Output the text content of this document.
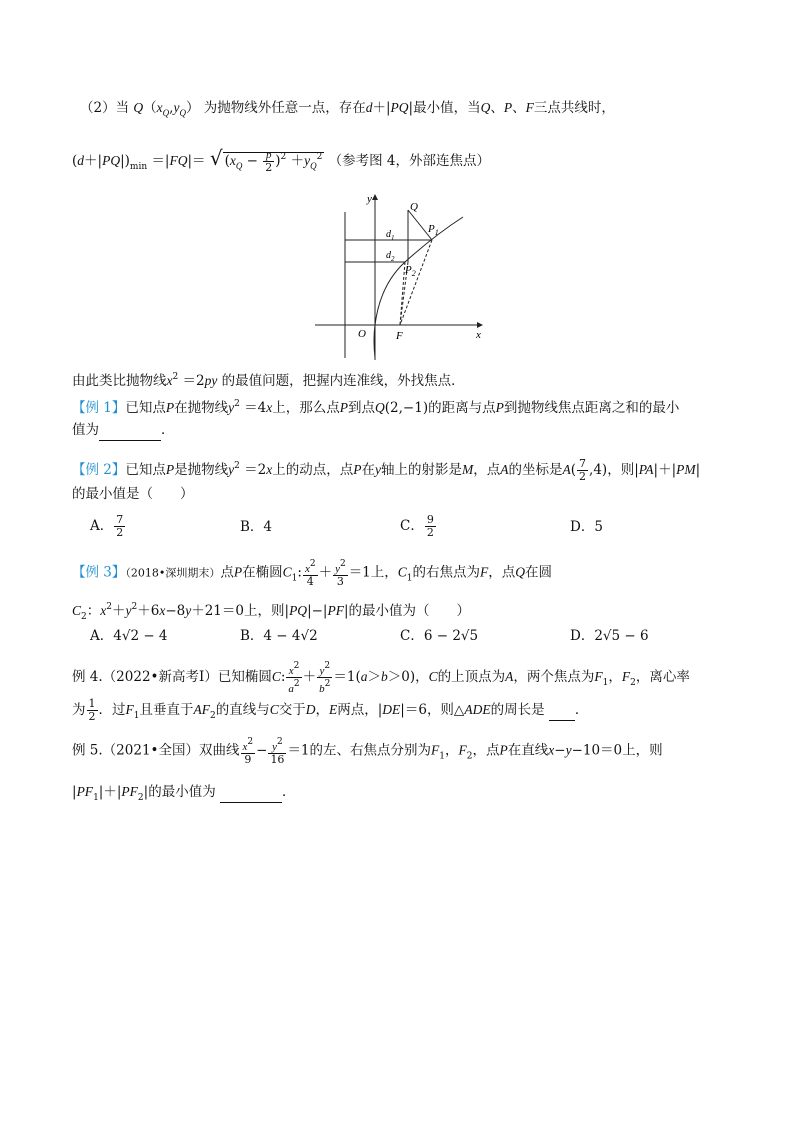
（2）当 $Q(x_Q,y_Q)$ 为抛物线外任意一点，存在d＋|PQ|最小值，当Q、P、F三点共线时，
$(d+|PQ|)_{min} =|FQ|=$ √ $(x_Q - \frac{p}{2} )^2 +y_Q^2$ （参考图 4，外部连焦点）
y
x
O	F
Q
$P_1$
$P_2$
$d_1$
$d_2$
由此类比抛物线$x^2 =2py$ 的最值问题，把握内连准线，外找焦点．
【例 1】已知点P在抛物线$y^2 =4x$上，那么点P到点Q(2,−1)的距离与点P到抛物线焦点距离之和的最小
值为	．
【例 2】已知点P是抛物线$y^2 =2x$上的动点，点P在y轴上的射影是M，点A的坐标是$A( \frac{7}{2} ,4)$，则|PA|＋|PM|
的最小值是（　　）
A． $\frac{7}{2}$	B．4	C． $\frac{9}{2}$	D．5
【例 3】（2018•深圳期末）点P在椭圆$C_1$: $\frac{x^2}{4} + \frac{y^2}{3} =1$上，$C_1$的右焦点为F，点Q在圆
$C_2$：$x^2+y^2+6x-8y+21=0$上，则|PQ|−|PF|的最小值为（　　）
A．4√2 − 4	B．4 − 4√2	C．6 − 2√5	D．2√5 − 6
例 4.（2022•新高考Ⅰ）已知椭圆C: $\frac{x^2}{a^2} + \frac{y^2}{b^2} =1(a>b>0)$，C的上顶点为A，两个焦点为$F_1$，$F_2$，离心率
为 $\frac{1}{2}$ ．过$F_1$且垂直于$AF_2$的直线与C交于D，E两点，|DE|＝6，则△ADE的周长是 ．
例 5.（2021•全国）双曲线 $\frac{x^2}{9} - \frac{y^2}{16} =1$的左、右焦点分别为$F_1$，$F_2$，点P在直线x−y−10＝0上，则
$|PF_1|+|PF_2|$的最小值为	．
